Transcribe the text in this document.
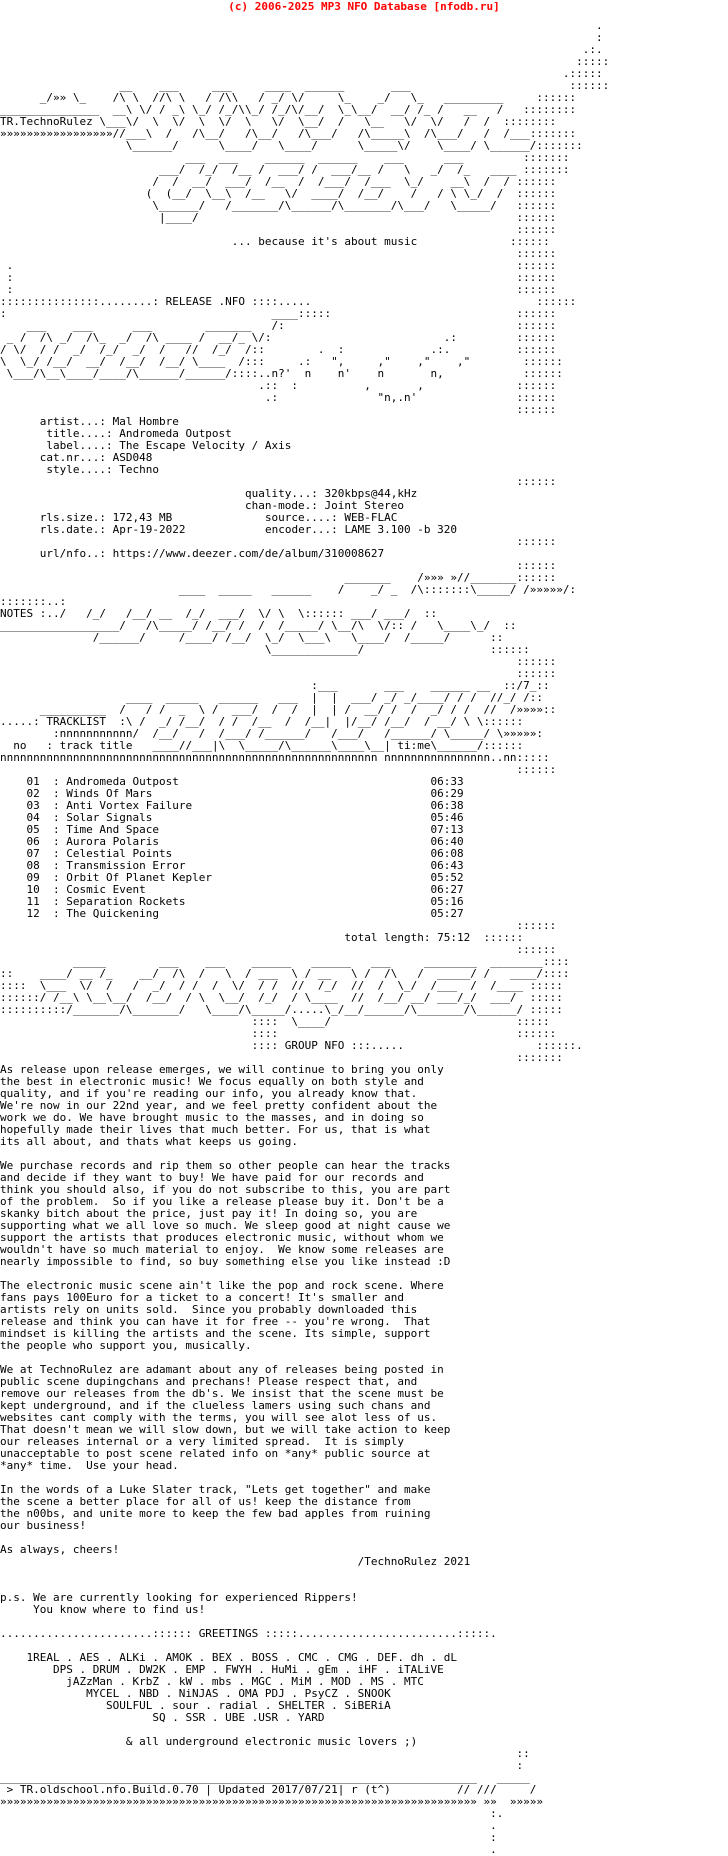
(c) 2006-2025 MP3 NFO Database [nfodb.ru]
.
:
.:.
:::::
.:::::
__    ___     ___     ____  ______       ___                        ::::::
_/»» \_    /\ \  //\ \   / /\\   / _/ \/     \_    _/   \_   _________     ::::::
_______________  __\ \/ / _\ \_/ /_/\\_/ /_/\/__/  \_\__/  __/ /_ /   __   /   ::::::::
TR.TechnoRulez \___\/  \  \/  \  \/  \   \/  \__/  /   \__   \/  \/   /  /  ::::::::
»»»»»»»»»»»»»»»»»//___\  /   /\__/   /\__/   /\___/   /\_____\  /\___/   /  /___:::::::
\______/      \____/   \____/      \_____\/    \____/ \______/:::::::
___  ___    ______  ______    ___      ___         :::::::
___/  /_/  /__ /  ___/ /  ___/__ /   \   _/  /_   ____ :::::::
/  /  __/  ___/  /__  /  /___/  /___  \_/    __\  /  / ::::::
(  (__/  \__\  /__   \/  ____/  /__/    /   / \ \_/  /  ::::::
\______/   /_______/\______/\_______/\___/   \_____/   ::::::
|____/                                                ::::::
::::::
... because it's about music              ::::::
::::::
.                                                                            ::::::
:                                                                            ::::::
:                                                                            ::::::
:::::::::::::::........: RELEASE .NFO ::::.....                                  ::::::
:                                        ____:::::                            ::::::
___    ___      ___        _______   /:                                   ::::::
_ /  /\ _/  /\_  _/  /\ ____ /  __/_ \/:                          .:         ::::::
/ \/  / /  _/  /_/  _/  /   //  /_/  /::        .  :             .:.          ::::::
\  \_/ /__/  __/  /__/  /__/ \____  /:::     .:   ",     ,"    ,"    ,"        ::::::
\___/\__\____/____/\______/______/::::..n?'  n    n'    n       n,            ::::::
.::  :          ,       ,              ::::::
.:               "n,.n'               ::::::
::::::
artist...: Mal Hombre
title....: Andromeda Outpost
label....: The Escape Velocity / Axis
cat.nr...: ASD048
style....: Techno
::::::
quality...: 320kbps@44,kHz
chan-mode.: Joint Stereo
rls.size.: 172,43 MB	source....: WEB-FLAC
rls.date.: Apr-19-2022	encoder...: LAME 3.100 -b 320
::::::
url/nfo..: https://www.deezer.com/de/album/310008627
::::::
_______    /»»» »//_______::::::
____  _____   ______    /    _/ _  /\:::::::\_____/ /»»»»»/:
:::::::..:
NOTES :../   /_/   /__/ __  /_/  ___/  \/ \  \:::::: ___/ ___/  ::
__________________/   /\_____/ /__/ /  /  /_____/ \__/\  \/:: /   \____\_/  ::
/______/     /____/ /__/  \_/  \___\   \____/  /_____/      ::
\_____________/                   ::::::
::::::
::::::
:___       ___    ______ __  ::/7_::
____  _____   ______   ___  |  |  ___/ _/ _/____/ / /  //_/ /::
__________  /   / /  _  \ /  ___/  /  /  |  | /  __/ /  /  _/ / /  //  /»»»»::

.....: TRACKLIST  :\ /  _/ /__/  / /  /__  /  /__|  |/__/ /__/  / __/ \ \::::::
:nnnnnnnnnnn/  /__/   /  /___/ /______/   /___/   /______/ \_____/ \»»»»»:
no   : track title   ____//___|\  \_____/\______\____\__| ti:me\______/::::::
nnnnnnnnnnnnnnnnnnnnnnnnnnnnnnnnnnnnnnnnnnnnnnnnnnnnnnnnn nnnnnnnnnnnnnnnn..nn:::::
::::::
01  : Andromeda Outpost	06:33
02  : Winds Of Mars	06:29
03  : Anti Vortex Failure	06:38
04  : Solar Signals	05:46
05  : Time And Space	07:13
06  : Aurora Polaris	06:40
07  : Celestial Points	06:08
08  : Transmission Error	06:43
09  : Orbit Of Planet Kepler	05:52
10  : Cosmic Event	06:27
11  : Separation Rockets	05:16
12  : The Quickening	05:27
::::::
total length: 75:12  ::::::
::::::
_____        ___    ___    ______   ______   ___     ________  ________::::
::    ____/ __ /_    __/  /\  /   \  / ___  \ / __   \ /  /\   /  _____/ /   ____/::::
::::  \___  \/  /   /  _/  / /  /  \/  / /  //  /_/  //  /  \_/  /___  /  /____ :::::
::::::/ /__\ \__\__/  /__/  / \  \__/  /_/  / \____  //  /__/ __/ ___/_/  ___/  :::::
::::::::::/_______/\_______/   \____/\_____/.....\_/__/______/\_______/\______/ :::::
::::  \____/                            :::::
::::                                    ::::::
:::: GROUP NFO :::.....                    ::::::.
:::::::
As release upon release emerges, we will continue to bring you only
the best in electronic music! We focus equally on both style and
quality, and if you're reading our info, you already know that.
We're now in our 22nd year, and we feel pretty confident about the
work we do. We have brought music to the masses, and in doing so
hopefully made their lives that much better. For us, that is what
its all about, and thats what keeps us going.

We purchase records and rip them so other people can hear the tracks
and decide if they want to buy! We have paid for our records and
think you should also, if you do not subscribe to this, you are part
of the problem.  So if you like a release please buy it. Don't be a
skanky bitch about the price, just pay it! In doing so, you are
supporting what we all love so much. We sleep good at night cause we
support the artists that produces electronic music, without whom we
wouldn't have so much material to enjoy.  We know some releases are
nearly impossible to find, so buy something else you like instead :D

The electronic music scene ain't like the pop and rock scene. Where
fans pays 100Euro for a ticket to a concert! It's smaller and
artists rely on units sold.  Since you probably downloaded this
release and think you can have it for free -- you're wrong.  That
mindset is killing the artists and the scene. Its simple, support
the people who support you, musically.

We at TechnoRulez are adamant about any of releases being posted in
public scene dupingchans and prechans! Please respect that, and
remove our releases from the db's. We insist that the scene must be
kept underground, and if the clueless lamers using such chans and
websites cant comply with the terms, you will see alot less of us.
That doesn't mean we will slow down, but we will take action to keep
our releases internal or a very limited spread.  It is simply
unacceptable to post scene related info on *any* public source at
*any* time.  Use your head.

In the words of a Luke Slater track, "Lets get together" and make
the scene a better place for all of us! keep the distance from
the n00bs, and unite more to keep the few bad apples from ruining
our business!

As always, cheers!
/TechnoRulez 2021

p.s. We are currently looking for experienced Rippers!
You know where to find us!

.......................:::::: GREETINGS :::::........................:::::.

1REAL . AES . ALKi . AMOK . BEX . BOSS . CMC . CMG . DEF. dh . dL
DPS . DRUM . DW2K . EMP . FWYH . HuMi . gEm . iHF . iTALiVE
jAZzMan . KrbZ . kW . mbs . MGC . MiM . MOD . MS . MTC
MYCEL . NBD . NiNJAS . OMA PDJ . PsyCZ . SNOOK
SOULFUL . sour . radial . SHELTER . SiBERiA
SQ . SSR . UBE .USR . YARD

& all underground electronic music lovers ;)
::
:
________________________________________________________________________   _____
> TR.oldschool.nfo.Build.0.70 | Updated 2017/07/21| r (t^)          // ///     /
»»»»»»»»»»»»»»»»»»»»»»»»»»»»»»»»»»»»»»»»»»»»»»»»»»»»»»»»»»»»»»»»»»»»»»»» »»  »»»»»
:.
.
:
.
